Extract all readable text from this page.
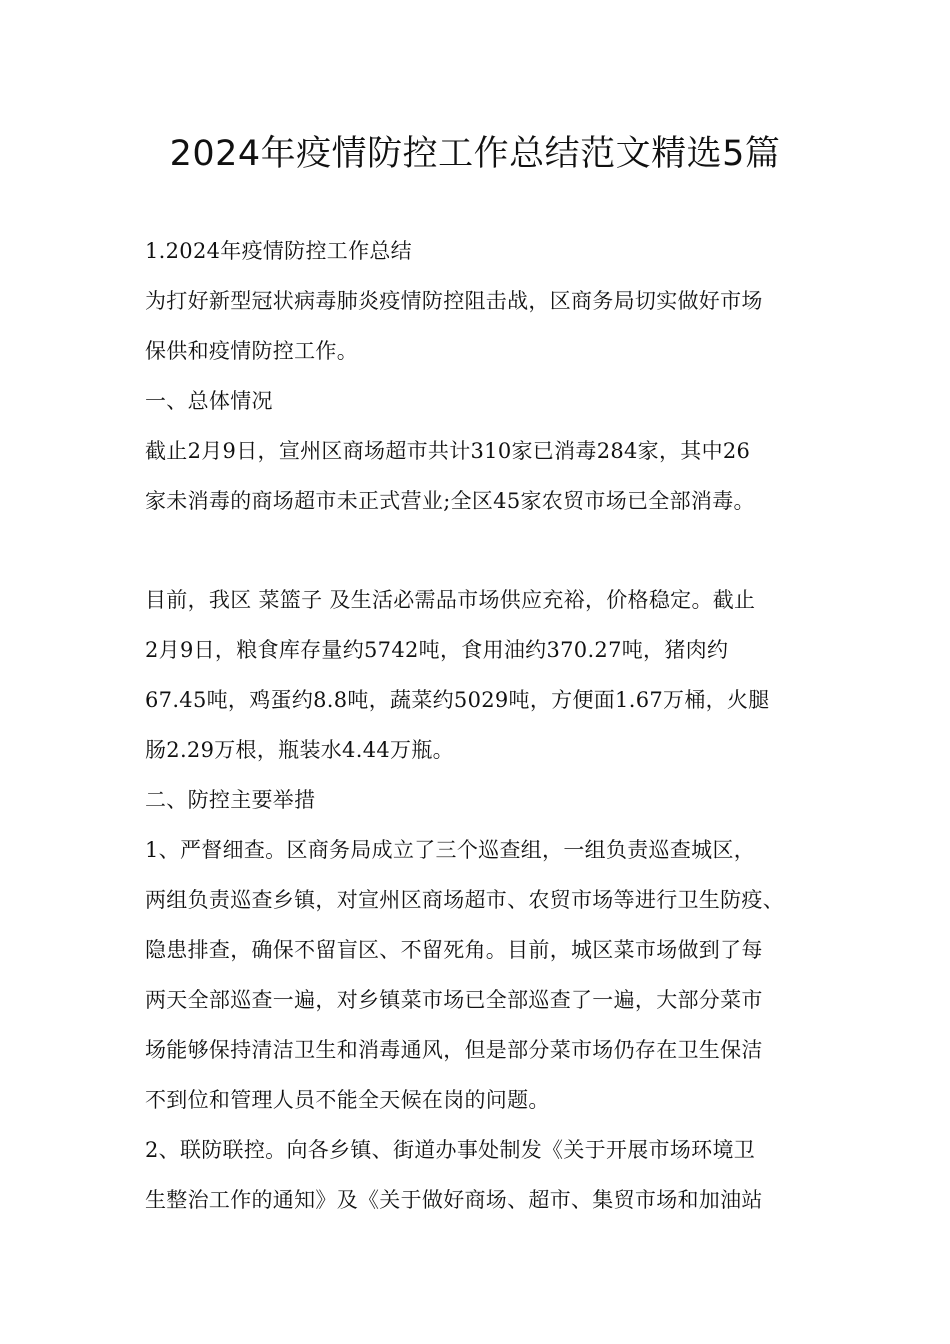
2024年疫情防控工作总结范文精选5篇
1.2024年疫情防控工作总结
为打好新型冠状病毒肺炎疫情防控阻击战，区商务局切实做好市场
保供和疫情防控工作。
一、总体情况
截止2月9日，宣州区商场超市共计310家已消毒284家，其中26
家未消毒的商场超市未正式营业;全区45家农贸市场已全部消毒。
目前，我区 菜篮子 及生活必需品市场供应充裕，价格稳定。截止
2月9日，粮食库存量约5742吨，食用油约370.27吨，猪肉约
67.45吨，鸡蛋约8.8吨，蔬菜约5029吨，方便面1.67万桶，火腿
肠2.29万根，瓶装水4.44万瓶。
二、防控主要举措
1、严督细查。区商务局成立了三个巡查组，一组负责巡查城区，
两组负责巡查乡镇，对宣州区商场超市、农贸市场等进行卫生防疫、
隐患排查，确保不留盲区、不留死角。目前，城区菜市场做到了每
两天全部巡查一遍，对乡镇菜市场已全部巡查了一遍，大部分菜市
场能够保持清洁卫生和消毒通风，但是部分菜市场仍存在卫生保洁
不到位和管理人员不能全天候在岗的问题。
2、联防联控。向各乡镇、街道办事处制发《关于开展市场环境卫
生整治工作的通知》及《关于做好商场、超市、集贸市场和加油站
